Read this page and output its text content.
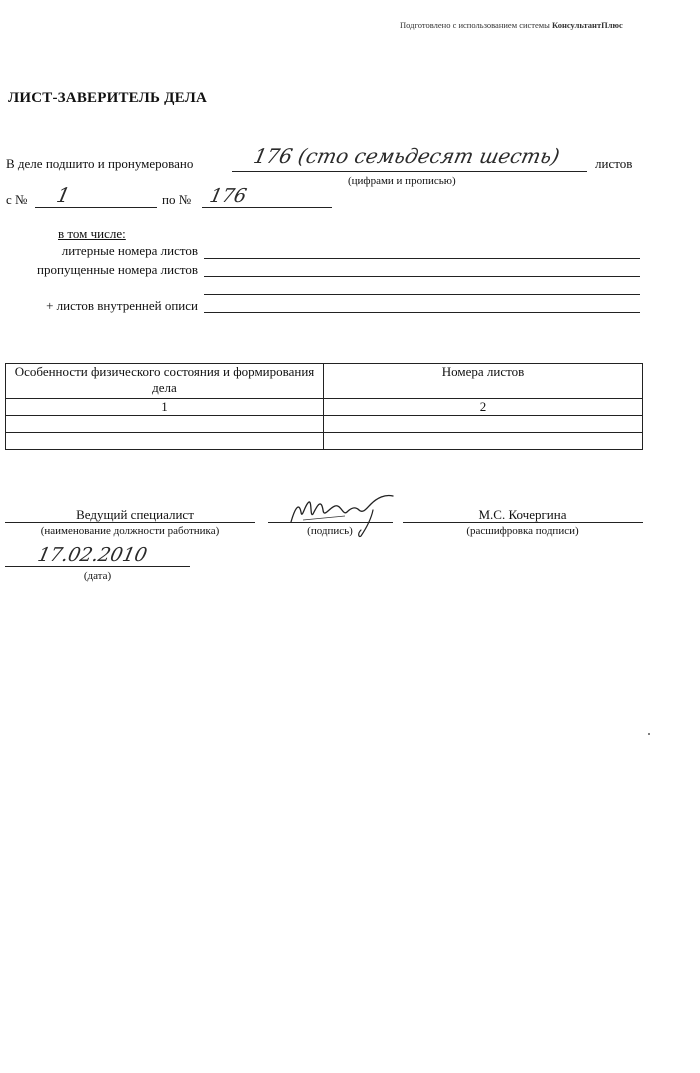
Подготовлено с использованием системы КонсультантПлюс
ЛИСТ-ЗАВЕРИТЕЛЬ ДЕЛА
В деле подшито и пронумеровано	176 (сто семьдесят шесть)	листов
(цифрами и прописью)
с № 1	по № 176
в том числе:
литерные номера листов
пропущенные номера листов
+ листов внутренней описи
Особенности физического состояния и формирования дела	Номера листов
1	2

Ведущий специалист
(наименование должности работника)	(подпись)
М.С. Кочергина
(расшифровка подписи)
17.02.2010
(дата)
